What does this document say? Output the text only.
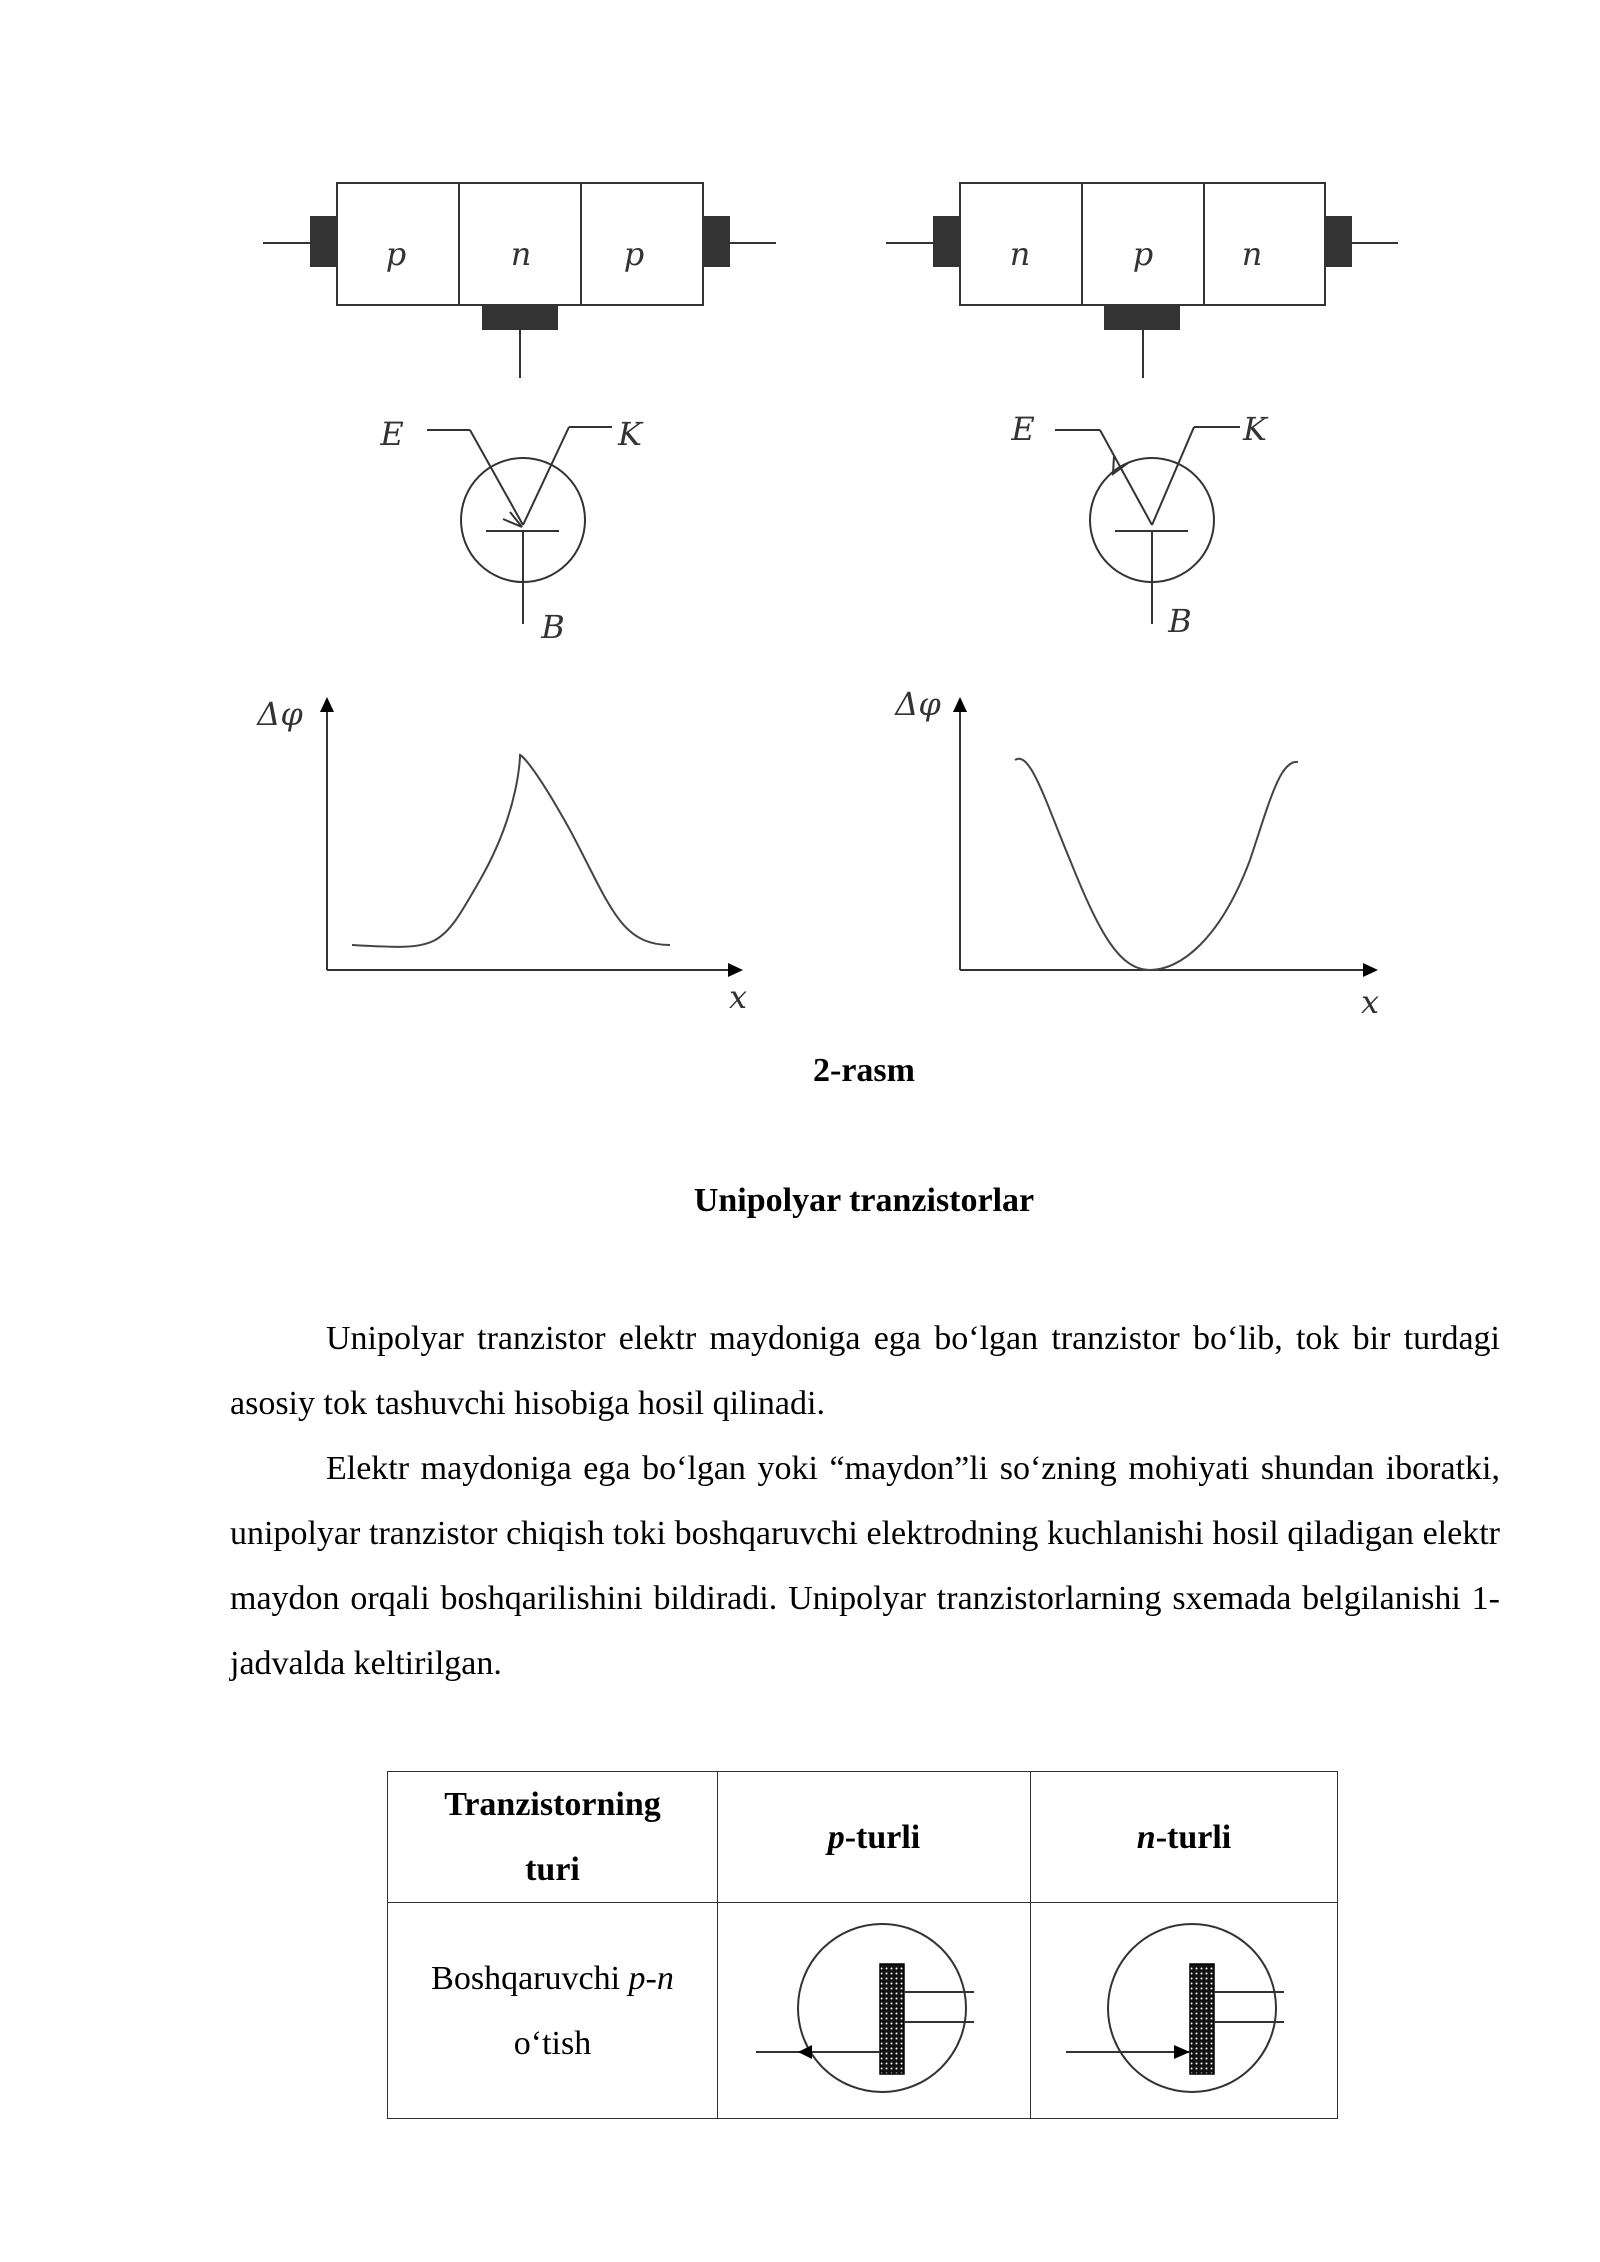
p	n	p	n	p	n
E	K
B
E	K
B
Δφ
x
Δφ
x

2-rasm

Unipolyar tranzistorlar

Unipolyar tranzistor elektr maydoniga ega bo‘lgan tranzistor bo‘lib, tok bir turdagi asosiy tok tashuvchi hisobiga hosil qilinadi.

Elektr maydoniga ega bo‘lgan yoki “maydon”li so‘zning mohiyati shundan iboratki, unipolyar tranzistor chiqish toki boshqaruvchi elektrodning kuchlanishi hosil qiladigan elektr maydon orqali boshqarilishini bildiradi. Unipolyar tranzistorlarning sxemada belgilanishi 1- jadvalda keltirilgan.

Tranzistorning
turi	p-turli	n-turli
Boshqaruvchi p-n
o‘tish	
